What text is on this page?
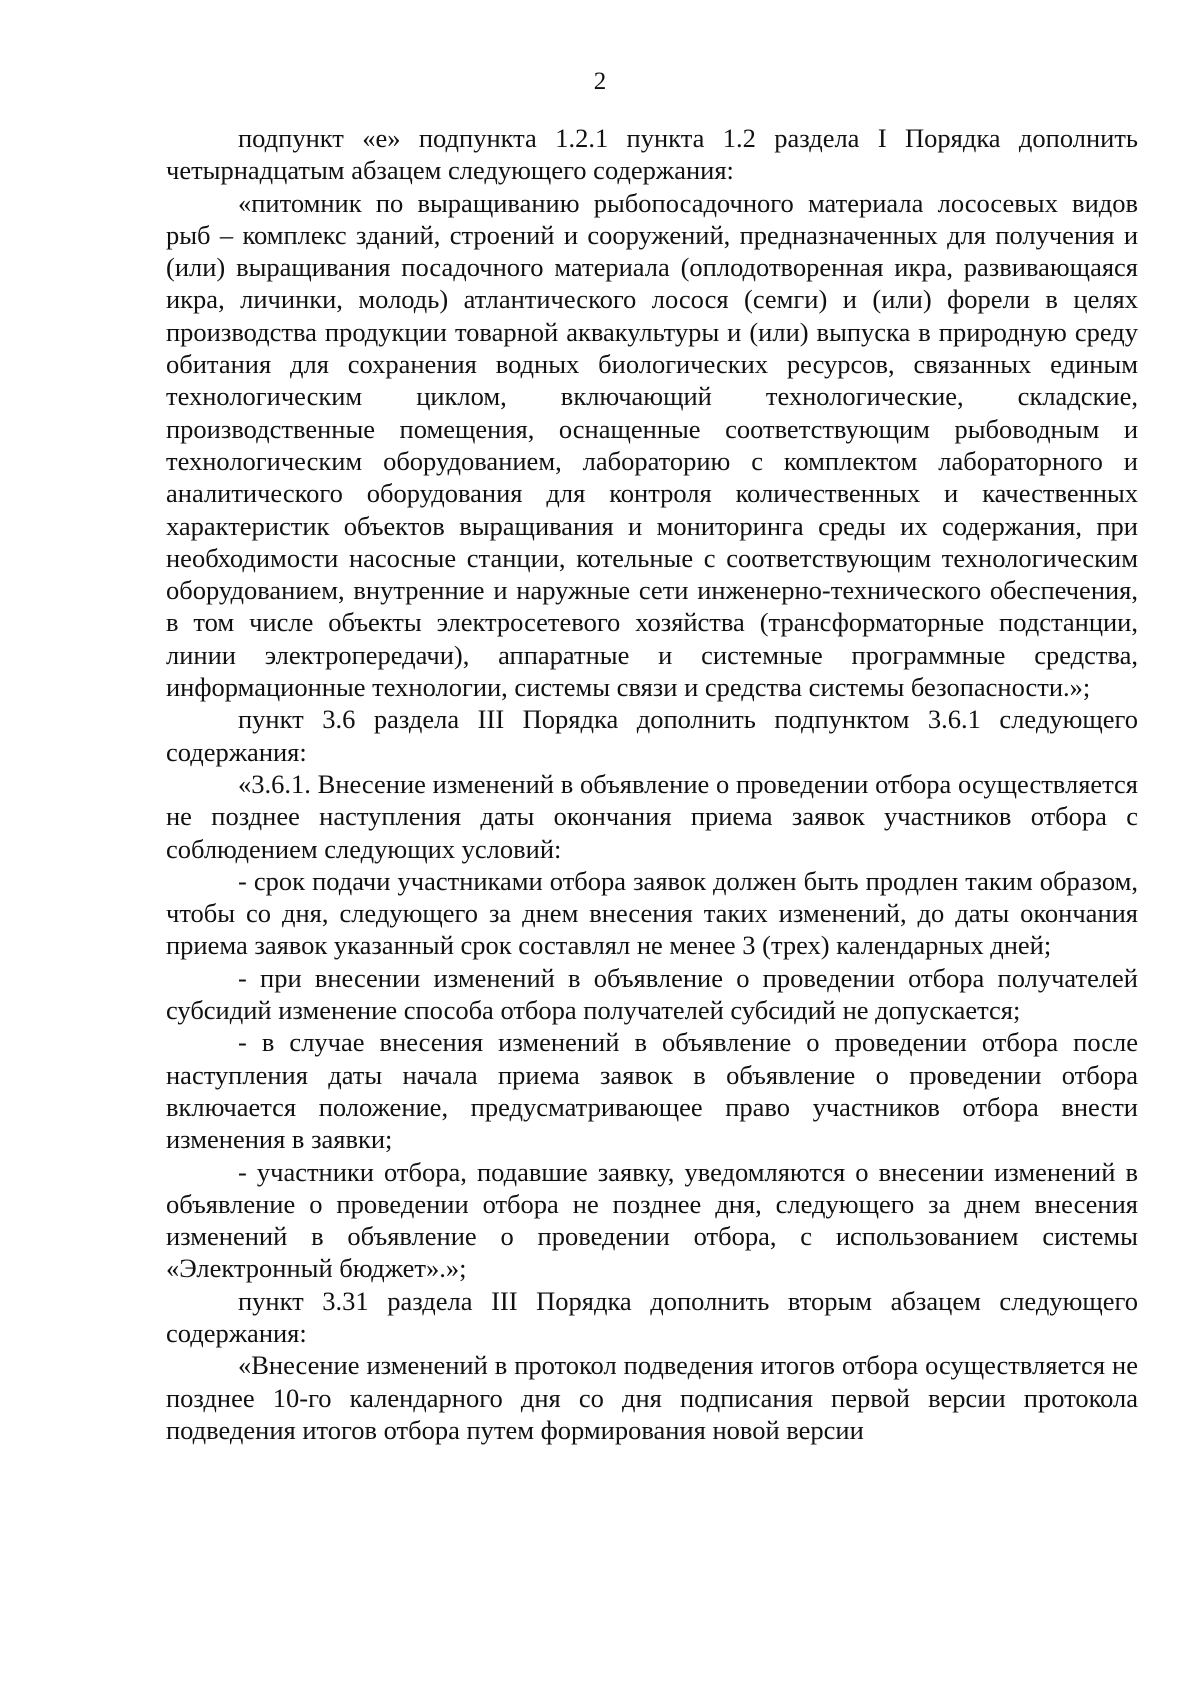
2

подпункт «е» подпункта 1.2.1 пункта 1.2 раздела I Порядка дополнить четырнадцатым абзацем следующего содержания:

«питомник по выращиванию рыбопосадочного материала лососевых видов рыб – комплекс зданий, строений и сооружений, предназначенных для получения и (или) выращивания посадочного материала (оплодотворенная икра, развивающаяся икра, личинки, молодь) атлантического лосося (семги) и (или) форели в целях производства продукции товарной аквакультуры и (или) выпуска в природную среду обитания для сохранения водных биологических ресурсов, связанных единым технологическим циклом, включающий технологические, складские, производственные помещения, оснащенные соответствующим рыбоводным и технологическим оборудованием, лабораторию с комплектом лабораторного и аналитического оборудования для контроля количественных и качественных характеристик объектов выращивания и мониторинга среды их содержания, при необходимости насосные станции, котельные с соответствующим технологическим оборудованием, внутренние и наружные сети инженерно-технического обеспечения, в том числе объекты электросетевого хозяйства (трансформаторные подстанции, линии электропередачи), аппаратные и системные программные средства, информационные технологии, системы связи и средства системы безопасности.»;

пункт 3.6 раздела III Порядка дополнить подпунктом 3.6.1 следующего содержания:

«3.6.1. Внесение изменений в объявление о проведении отбора осуществляется не позднее наступления даты окончания приема заявок участников отбора с соблюдением следующих условий:

- срок подачи участниками отбора заявок должен быть продлен таким образом, чтобы со дня, следующего за днем внесения таких изменений, до даты окончания приема заявок указанный срок составлял не менее 3 (трех) календарных дней;

- при внесении изменений в объявление о проведении отбора получателей субсидий изменение способа отбора получателей субсидий не допускается;

- в случае внесения изменений в объявление о проведении отбора после наступления даты начала приема заявок в объявление о проведении отбора включается положение, предусматривающее право участников отбора внести изменения в заявки;

- участники отбора, подавшие заявку, уведомляются о внесении изменений в объявление о проведении отбора не позднее дня, следующего за днем внесения изменений в объявление о проведении отбора, с использованием системы «Электронный бюджет».»;

пункт 3.31 раздела III Порядка дополнить вторым абзацем следующего содержания:

«Внесение изменений в протокол подведения итогов отбора осуществляется не позднее 10-го календарного дня со дня подписания первой версии протокола подведения итогов отбора путем формирования новой версии
